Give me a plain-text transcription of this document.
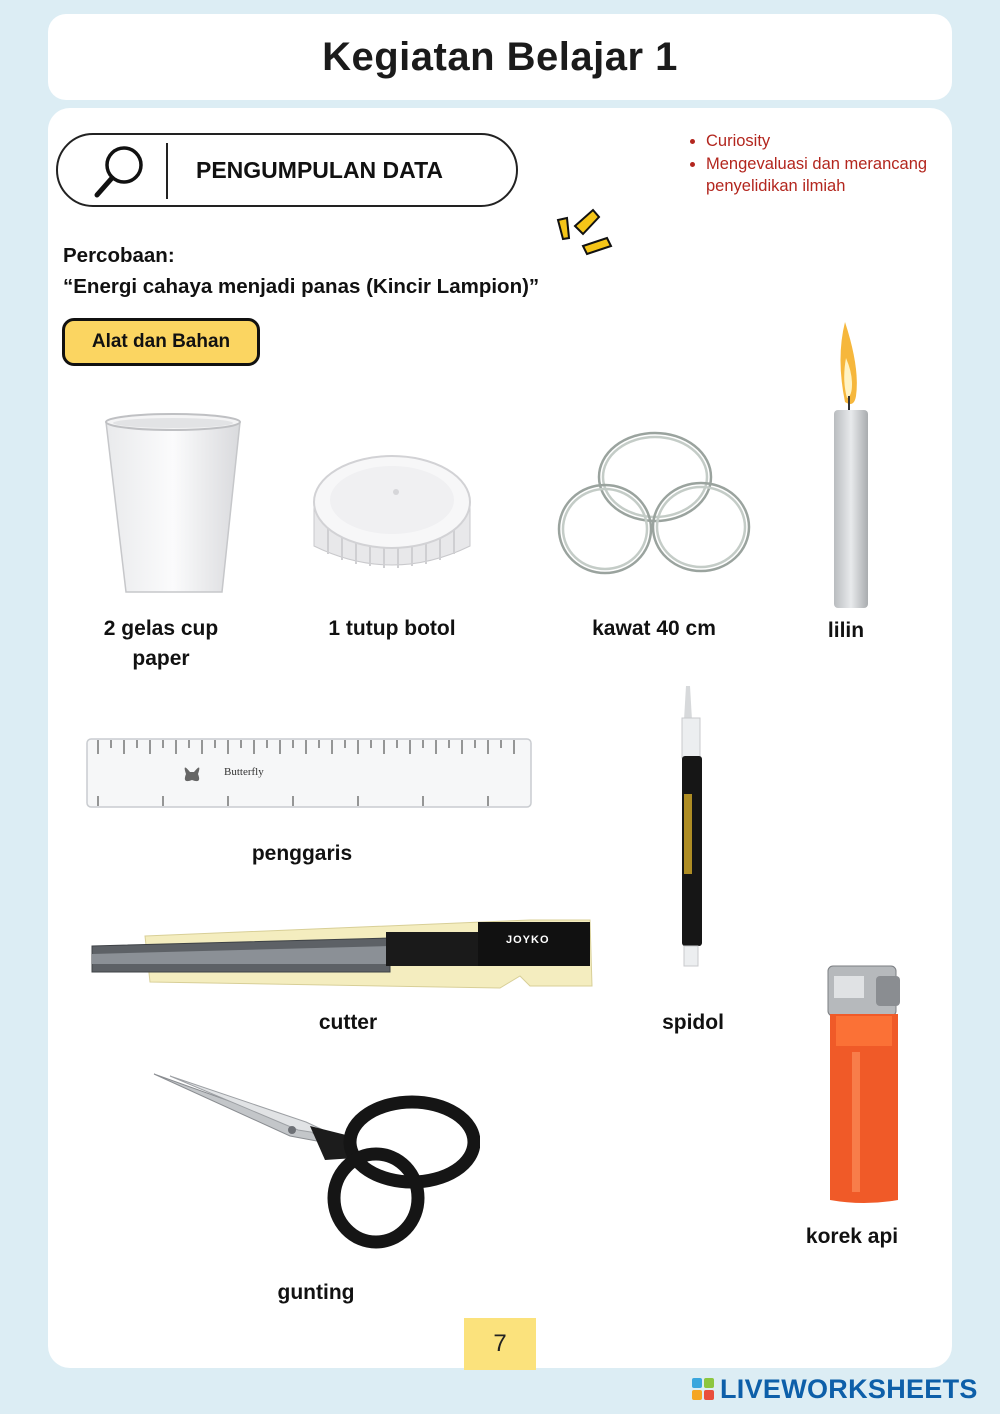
Kegiatan Belajar 1
PENGUMPULAN DATA
• Curiosity
• Mengevaluasi dan merancang penyelidikan ilmiah
Percobaan:
“Energi cahaya menjadi panas (Kincir Lampion)”
Alat dan Bahan
2 gelas cup paper
1 tutup botol	kawat 40 cm	lilin
Butterfly
penggaris
spidol
JOYKO
cutter
gunting
korek api
7
LIVEWORKSHEETS
